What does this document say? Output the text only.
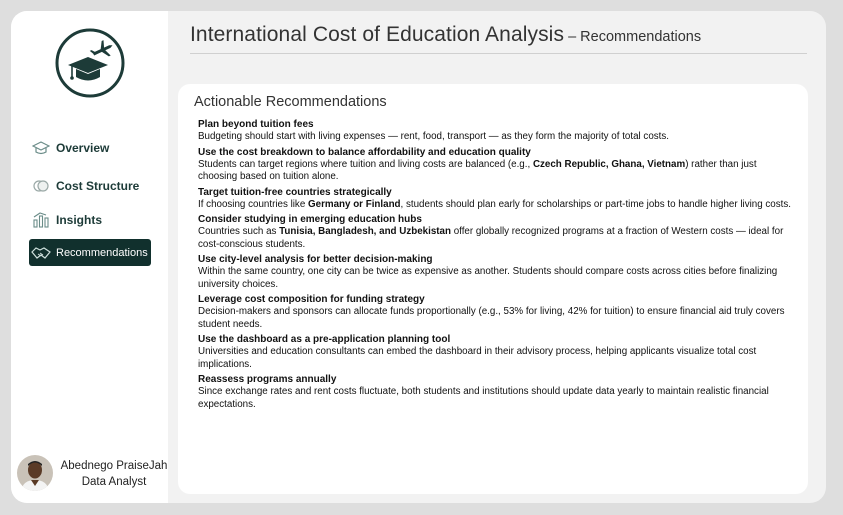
Overview
Cost Structure
Insights
Recommendations
Abednego PraiseJah
Data Analyst
International Cost of Education Analysis – Recommendations
Actionable Recommendations
Plan beyond tuition fees
Budgeting should start with living expenses — rent, food, transport — as they form the majority of total costs.
Use the cost breakdown to balance affordability and education quality
Students can target regions where tuition and living costs are balanced (e.g., Czech Republic, Ghana, Vietnam) rather than just choosing based on tuition alone.
Target tuition-free countries strategically
If choosing countries like Germany or Finland, students should plan early for scholarships or part-time jobs to handle higher living costs.
Consider studying in emerging education hubs
Countries such as Tunisia, Bangladesh, and Uzbekistan offer globally recognized programs at a fraction of Western costs — ideal for cost-conscious students.
Use city-level analysis for better decision-making
Within the same country, one city can be twice as expensive as another. Students should compare costs across cities before finalizing university choices.
Leverage cost composition for funding strategy
Decision-makers and sponsors can allocate funds proportionally (e.g., 53% for living, 42% for tuition) to ensure financial aid truly covers student needs.
Use the dashboard as a pre-application planning tool
Universities and education consultants can embed the dashboard in their advisory process, helping applicants visualize total cost implications.
Reassess programs annually
Since exchange rates and rent costs fluctuate, both students and institutions should update data yearly to maintain realistic financial expectations.
